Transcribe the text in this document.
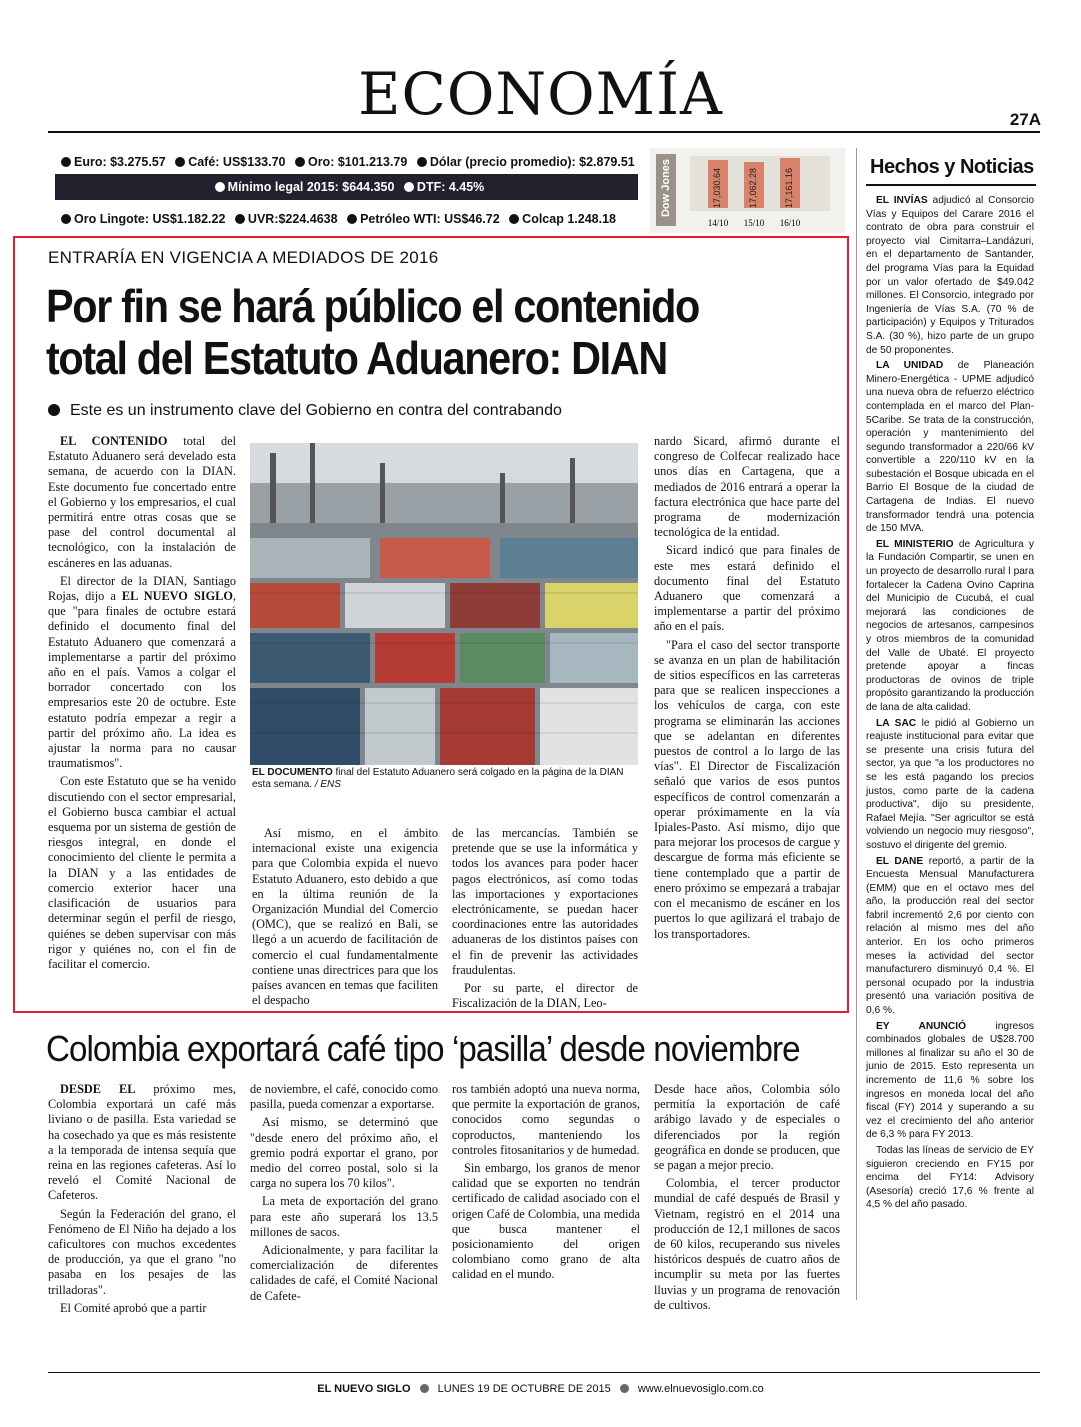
ECONOMÍA	27A
Euro: $3.275.57 Café: US$133.70 Oro: $101.213.79 Dólar (precio promedio): $2.879.51
Mínimo legal 2015: $644.350 DTF: 4.45%
Oro Lingote: US$1.182.22 UVR:$224.4638 Petróleo WTI: US$46.72 Colcap 1.248.18
Dow Jones	17,030.64	17,062.28	17,161.16
14/10 15/10 16/10
ENTRARÍA EN VIGENCIA A MEDIADOS DE 2016
Por fin se hará público el contenido total del Estatuto Aduanero: DIAN
Este es un instrumento clave del Gobierno en contra del contrabando

EL CONTENIDO total del Estatuto Aduanero será develado esta semana, de acuerdo con la DIAN. Este documento fue concertado entre el Gobierno y los empresarios, el cual permitirá entre otras cosas que se pase del control documental al tecnológico, con la instalación de escáneres en las aduanas.

El director de la DIAN, Santiago Rojas, dijo a EL NUEVO SIGLO, que "para finales de octubre estará definido el documento final del Estatuto Aduanero que comenzará a implementarse a partir del próximo año en el país. Vamos a colgar el borrador concertado con los empresarios este 20 de octubre. Este estatuto podría empezar a regir a partir del próximo año. La idea es ajustar la norma para no causar traumatismos".

Con este Estatuto que se ha venido discutiendo con el sector empresarial, el Gobierno busca cambiar el actual esquema por un sistema de gestión de riesgos integral, en donde el conocimiento del cliente le permita a la DIAN y a las entidades de comercio exterior hacer una clasificación de usuarios para determinar según el perfil de riesgo, quiénes se deben supervisar con más rigor y quiénes no, con el fin de facilitar el comercio.

EL DOCUMENTO final del Estatuto Aduanero será colgado en la página de la DIAN esta semana. / ENS

Así mismo, en el ámbito internacional existe una exigencia para que Colombia expida el nuevo Estatuto Aduanero, esto debido a que en la última reunión de la Organización Mundial del Comercio (OMC), que se realizó en Bali, se llegó a un acuerdo de facilitación de comercio el cual fundamentalmente contiene unas directrices para que los países avancen en temas que faciliten el despacho

de las mercancías. También se pretende que se use la informática y todos los avances para poder hacer pagos electrónicos, así como todas las importaciones y exportaciones electrónicamente, se puedan hacer coordinaciones entre las autoridades aduaneras de los distintos países con el fin de prevenir las actividades fraudulentas.

Por su parte, el director de Fiscalización de la DIAN, Leo-

nardo Sicard, afirmó durante el congreso de Colfecar realizado hace unos días en Cartagena, que a mediados de 2016 entrará a operar la factura electrónica que hace parte del programa de modernización tecnológica de la entidad.

Sicard indicó que para finales de este mes estará definido el documento final del Estatuto Aduanero que comenzará a implementarse a partir del próximo año en el país.

"Para el caso del sector transporte se avanza en un plan de habilitación de sitios específicos en las carreteras para que se realicen inspecciones a los vehículos de carga, con este programa se eliminarán las acciones que se adelantan en diferentes puestos de control a lo largo de las vías". El Director de Fiscalización señaló que varios de esos puntos específicos de control comenzarán a operar próximamente en la vía Ipiales-Pasto. Así mismo, dijo que para mejorar los procesos de cargue y descargue de forma más eficiente se tiene contemplado que a partir de enero próximo se empezará a trabajar con el mecanismo de escáner en los puertos lo que agilizará el trabajo de los transportadores.

Colombia exportará café tipo ‘pasilla’ desde noviembre

DESDE EL próximo mes, Colombia exportará un café más liviano o de pasilla. Esta variedad se ha cosechado ya que es más resistente a la temporada de intensa sequía que reina en las regiones cafeteras. Así lo reveló el Comité Nacional de Cafeteros.

Según la Federación del grano, el Fenómeno de El Niño ha dejado a los caficultores con muchos excedentes de producción, ya que el grano "no pasaba en los pesajes de las trilladoras".

El Comité aprobó que a partir

de noviembre, el café, conocido como pasilla, pueda comenzar a exportarse.

Así mismo, se determinó que "desde enero del próximo año, el gremio podrá exportar el grano, por medio del correo postal, solo si la carga no supera los 70 kilos".

La meta de exportación del grano para este año superará los 13.5 millones de sacos.

Adicionalmente, y para facilitar la comercialización de diferentes calidades de café, el Comité Nacional de Cafete-

ros también adoptó una nueva norma, que permite la exportación de granos, conocidos como segundas o coproductos, manteniendo los controles fitosanitarios y de humedad.

Sin embargo, los granos de menor calidad que se exporten no tendrán certificado de calidad asociado con el origen Café de Colombia, una medida que busca mantener el posicionamiento del origen colombiano como grano de alta calidad en el mundo.

Desde hace años, Colombia sólo permitía la exportación de café arábigo lavado y de especiales o diferenciados por la región geográfica en donde se producen, que se pagan a mejor precio.

Colombia, el tercer productor mundial de café después de Brasil y Vietnam, registró en el 2014 una producción de 12,1 millones de sacos de 60 kilos, recuperando sus niveles históricos después de cuatro años de incumplir su meta por las fuertes lluvias y un programa de renovación de cultivos.

Hechos y Noticias

EL INVÍAS adjudicó al Consorcio Vías y Equipos del Carare 2016 el contrato de obra para construir el proyecto vial Cimitarra–Landázuri, en el departamento de Santander, del programa Vías para la Equidad por un valor ofertado de $49.042 millones. El Consorcio, integrado por Ingeniería de Vías S.A. (70 % de participación) y Equipos y Triturados S.A. (30 %), hizo parte de un grupo de 50 proponentes.

LA UNIDAD de Planeación Minero-Energética - UPME adjudicó una nueva obra de refuerzo eléctrico contemplada en el marco del Plan-5Caribe. Se trata de la construcción, operación y mantenimiento del segundo transformador a 220/66 kV convertible a 220/110 kV en la subestación el Bosque ubicada en el Barrio El Bosque de la ciudad de Cartagena de Indias. El nuevo transformador tendrá una potencia de 150 MVA.

EL MINISTERIO de Agricultura y la Fundación Compartir, se unen en un proyecto de desarrollo rural l para fortalecer la Cadena Ovino Caprina del Municipio de Cucubá, el cual mejorará las condiciones de negocios de artesanos, campesinos y otros miembros de la comunidad del Valle de Ubaté. El proyecto pretende apoyar a fincas productoras de ovinos de triple propósito garantizando la producción de lana de alta calidad.

LA SAC le pidió al Gobierno un reajuste institucional para evitar que se presente una crisis futura del sector, ya que "a los productores no se les está pagando los precios justos, como parte de la cadena productiva", dijo su presidente, Rafael Mejía. "Ser agricultor se está volviendo un negocio muy riesgoso", sostuvo el dirigente del gremio.

EL DANE reportó, a partir de la Encuesta Mensual Manufacturera (EMM) que en el octavo mes del año, la producción real del sector fabril incrementó 2,6 por ciento con relación al mismo mes del año anterior. En los ocho primeros meses la actividad del sector manufacturero disminuyó 0,4 %. El personal ocupado por la industria presentó una variación positiva de 0,6 %.

EY ANUNCIÓ ingresos combinados globales de U$28.700 millones al finalizar su año el 30 de junio de 2015. Esto representa un incremento de 11,6 % sobre los ingresos en moneda local del año fiscal (FY) 2014 y superando a su vez el crecimiento del año anterior de 6,3 % para FY 2013.

Todas las líneas de servicio de EY siguieron creciendo en FY15 por encima del FY14: Advisory (Asesoría) creció 17,6 % frente al 4,5 % del año pasado.

EL NUEVO SIGLO LUNES 19 DE OCTUBRE DE 2015 www.elnuevosiglo.com.co
